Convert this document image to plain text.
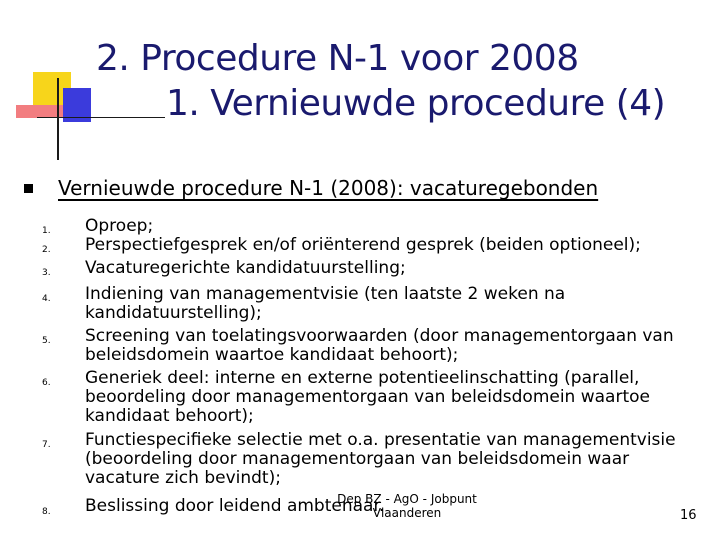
2. Procedure N-1 voor 2008
1. Vernieuwde procedure (4)
Vernieuwde procedure N-1 (2008): vacaturegebonden
1.	Oproep;
2.	Perspectiefgesprek en/of oriënterend gesprek (beiden optioneel);
3.	Vacaturegerichte kandidatuurstelling;
4.	Indiening van managementvisie (ten laatste 2 weken na
kandidatuurstelling);
5.	Screening van toelatingsvoorwaarden (door managementorgaan van
beleidsdomein waartoe kandidaat behoort);
6.	Generiek deel: interne en externe potentieelinschatting (parallel,
beoordeling door managementorgaan van beleidsdomein waartoe
kandidaat behoort);
7.	Functiespecifieke selectie met o.a. presentatie van managementvisie
(beoordeling door managementorgaan van beleidsdomein waar
vacature zich bevindt);
8.	Beslissing door leidend ambtenaar.
Dep BZ - AgO - Jobpunt
Vlaanderen	16
